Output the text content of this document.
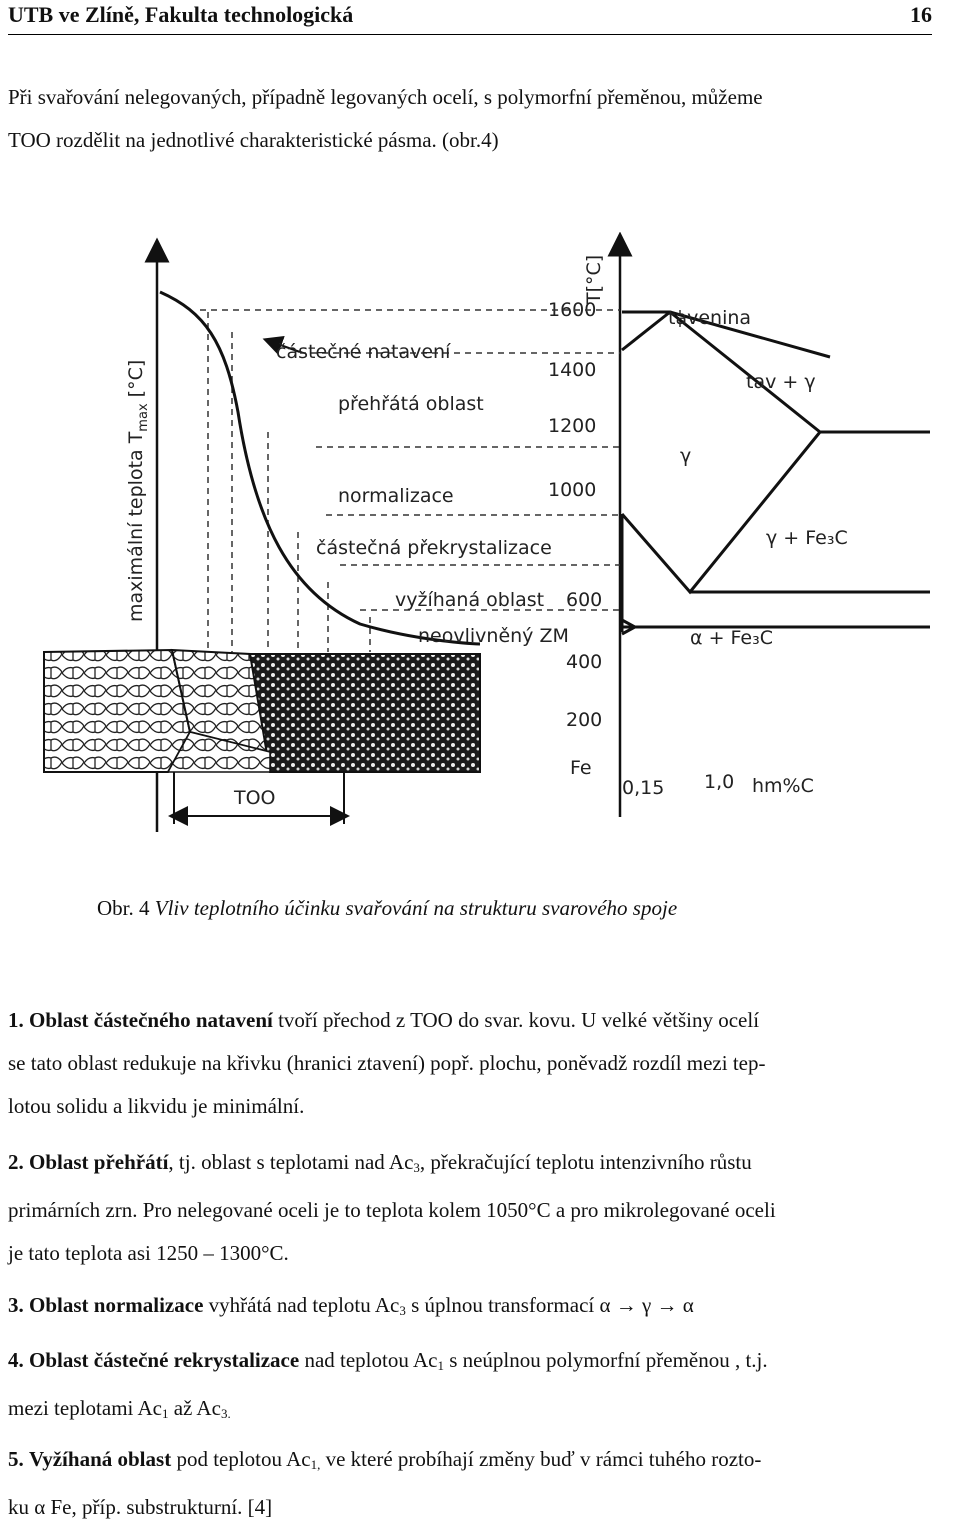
UTB ve Zlíně, Fakulta technologická	16
Při svařování nelegovaných, případně legovaných ocelí, s polymorfní přeměnou, můžeme
TOO rozdělit na jednotlivé charakteristické pásma. (obr.4)
maximální teplota $T_{max}$ [°C]
T[°C]
1600
1400
1200
1000
600
400
200
Fe
částečné natavení
přehřátá oblast
normalizace
částečná překrystalizace
vyžíhaná oblast
neovlivněný ZM
tavenina
tav + γ
γ
γ + Fe₃C
α + Fe₃C
0,15 1,0 hm%C
TOO
Obr. 4 Vliv teplotního účinku svařování na strukturu svarového spoje
1. Oblast částečného natavení tvoří přechod z TOO do svar. kovu. U velké většiny ocelí
se tato oblast redukuje na křivku (hranici ztavení) popř. plochu, poněvadž rozdíl mezi tep-
lotou solidu a likvidu je minimální.
2. Oblast přehřátí, tj. oblast s teplotami nad $Ac_3$, překračující teplotu intenzivního růstu
primárních zrn. Pro nelegované oceli je to teplota kolem 1050°C a pro mikrolegované oceli
je tato teplota asi 1250 – 1300°C.
3. Oblast normalizace vyhřátá nad teplotu $Ac_3$ s úplnou transformací α → γ → α
4. Oblast částečné rekrystalizace nad teplotou $Ac_1$ s neúplnou polymorfní přeměnou , t.j.
mezi teplotami $Ac_1$ až $Ac_{3.}$
5. Vyžíhaná oblast pod teplotou $Ac_{1,}$ ve které probíhají změny buď v rámci tuhého rozto-
ku α Fe, příp. substrukturní. [4]
